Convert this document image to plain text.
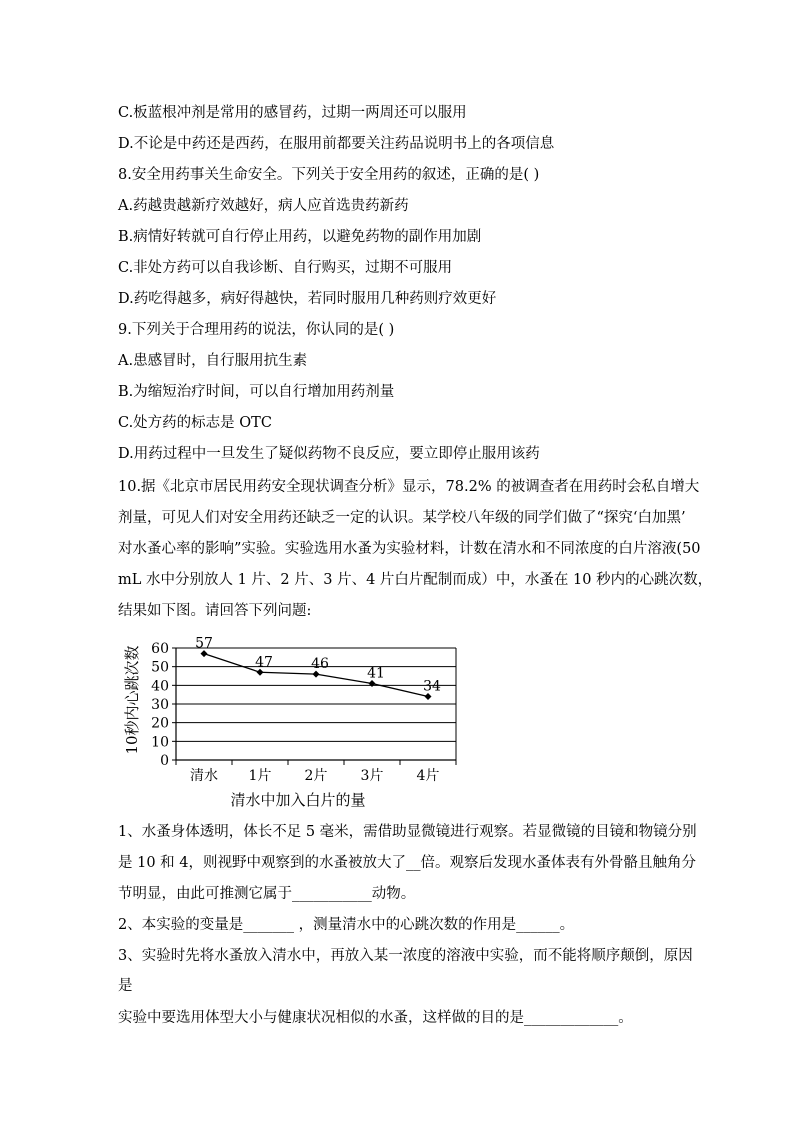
C.板蓝根冲剂是常用的感冒药，过期一两周还可以服用
D.不论是中药还是西药，在服用前都要关注药品说明书上的各项信息
8.安全用药事关生命安全。下列关于安全用药的叙述，正确的是( )
A.药越贵越新疗效越好，病人应首选贵药新药
B.病情好转就可自行停止用药，以避免药物的副作用加剧
C.非处方药可以自我诊断、自行购买，过期不可服用
D.药吃得越多，病好得越快，若同时服用几种药则疗效更好
9.下列关于合理用药的说法，你认同的是( )
A.患感冒时，自行服用抗生素
B.为缩短治疗时间，可以自行增加用药剂量
C.处方药的标志是 OTC
D.用药过程中一旦发生了疑似药物不良反应，要立即停止服用该药
10.据《北京市居民用药安全现状调查分析》显示，78.2% 的被调查者在用药时会私自增大
剂量，可见人们对安全用药还缺乏一定的认识。某学校八年级的同学们做了“探究‘白加黑’
对水蚤心率的影响”实验。实验选用水蚤为实验材料，计数在清水和不同浓度的白片溶液(50
mL 水中分别放人 1 片、2 片、3 片、4 片白片配制而成）中，水蚤在 10 秒内的心跳次数，
结果如下图。请回答下列问题:
0
10
20
30
40
50
60
清水 1片 2片 3片 4片
57
47	46
41
34
清水中加入白片的量
10秒内心跳次数
1、水蚤身体透明，体长不足 5 毫米，需借助显微镜进行观察。若显微镜的目镜和物镜分别
是 10 和 4，则视野中观察到的水蚤被放大了__倍。观察后发现水蚤体表有外骨骼且触角分
节明显，由此可推测它属于___________动物。
2、本实验的变量是_______ ，测量清水中的心跳次数的作用是______。
3、实验时先将水蚤放入清水中，再放入某一浓度的溶液中实验，而不能将顺序颠倒，原因
是
实验中要选用体型大小与健康状况相似的水蚤，这样做的目的是_____________。
